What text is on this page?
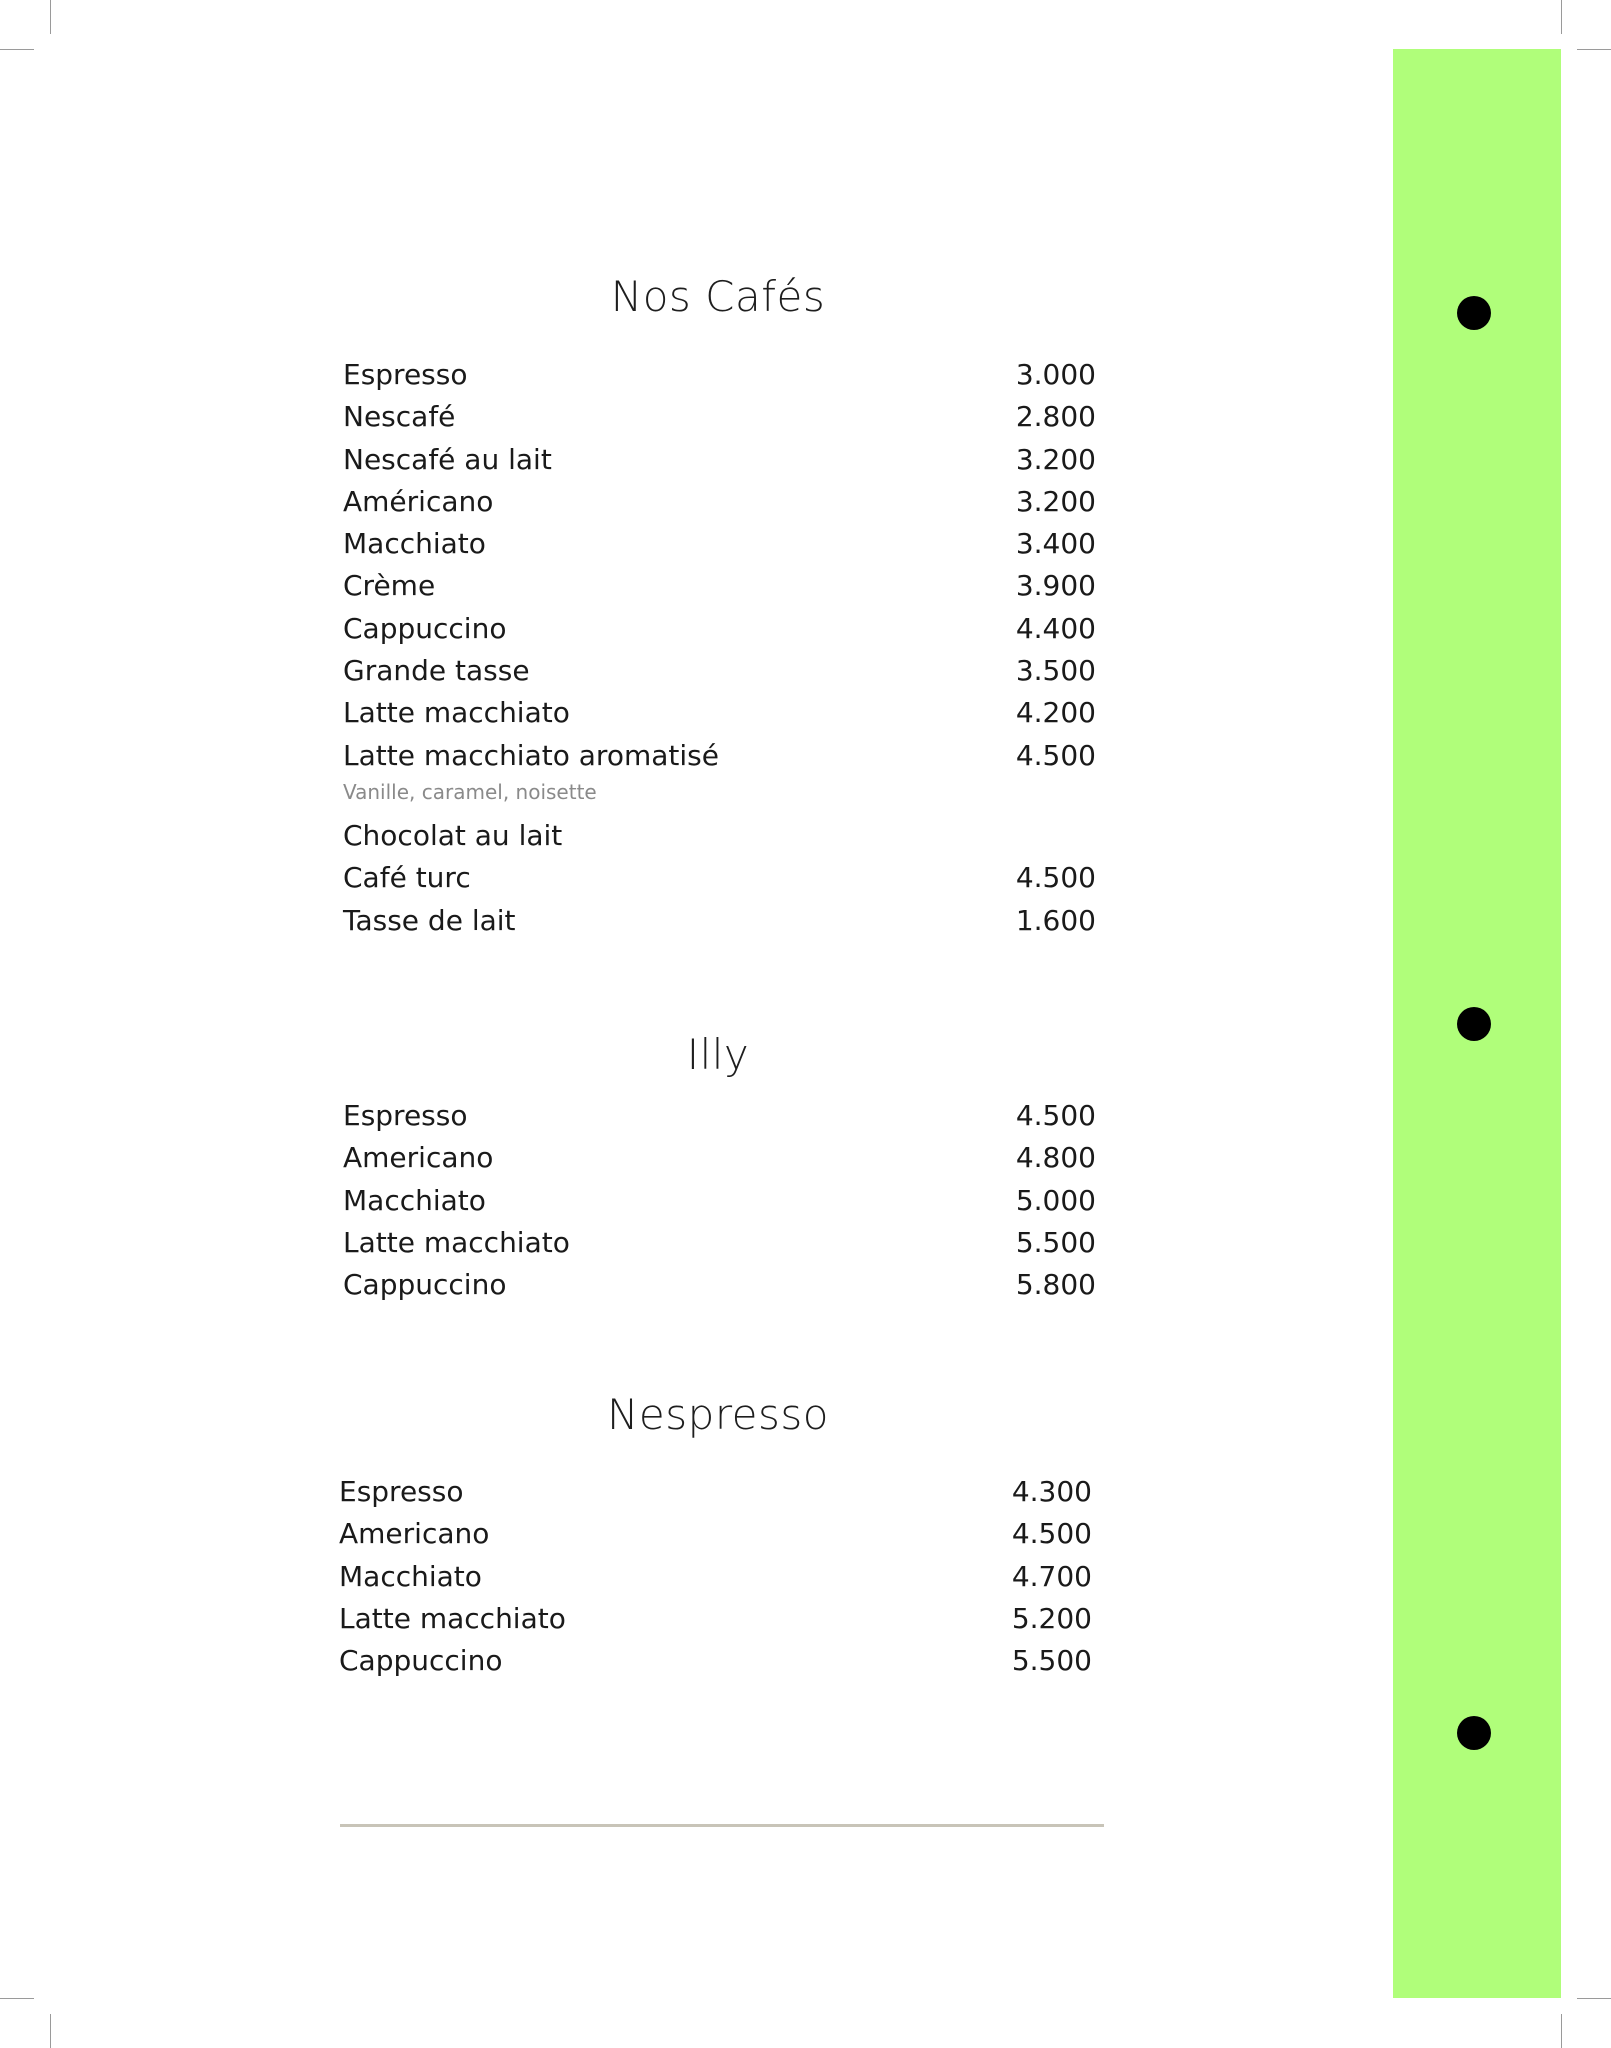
Nos Cafés
Espresso	3.000
Nescafé	2.800
Nescafé au lait	3.200
Américano	3.200
Macchiato	3.400
Crème	3.900
Cappuccino	4.400
Grande tasse	3.500
Latte macchiato	4.200
Latte macchiato aromatisé	4.500
Vanille, caramel, noisette
Chocolat au lait
Café turc	4.500
Tasse de lait	1.600
Illy
Espresso	4.500
Americano	4.800
Macchiato	5.000
Latte macchiato	5.500
Cappuccino	5.800
Nespresso
Espresso	4.300
Americano	4.500
Macchiato	4.700
Latte macchiato	5.200
Cappuccino	5.500
